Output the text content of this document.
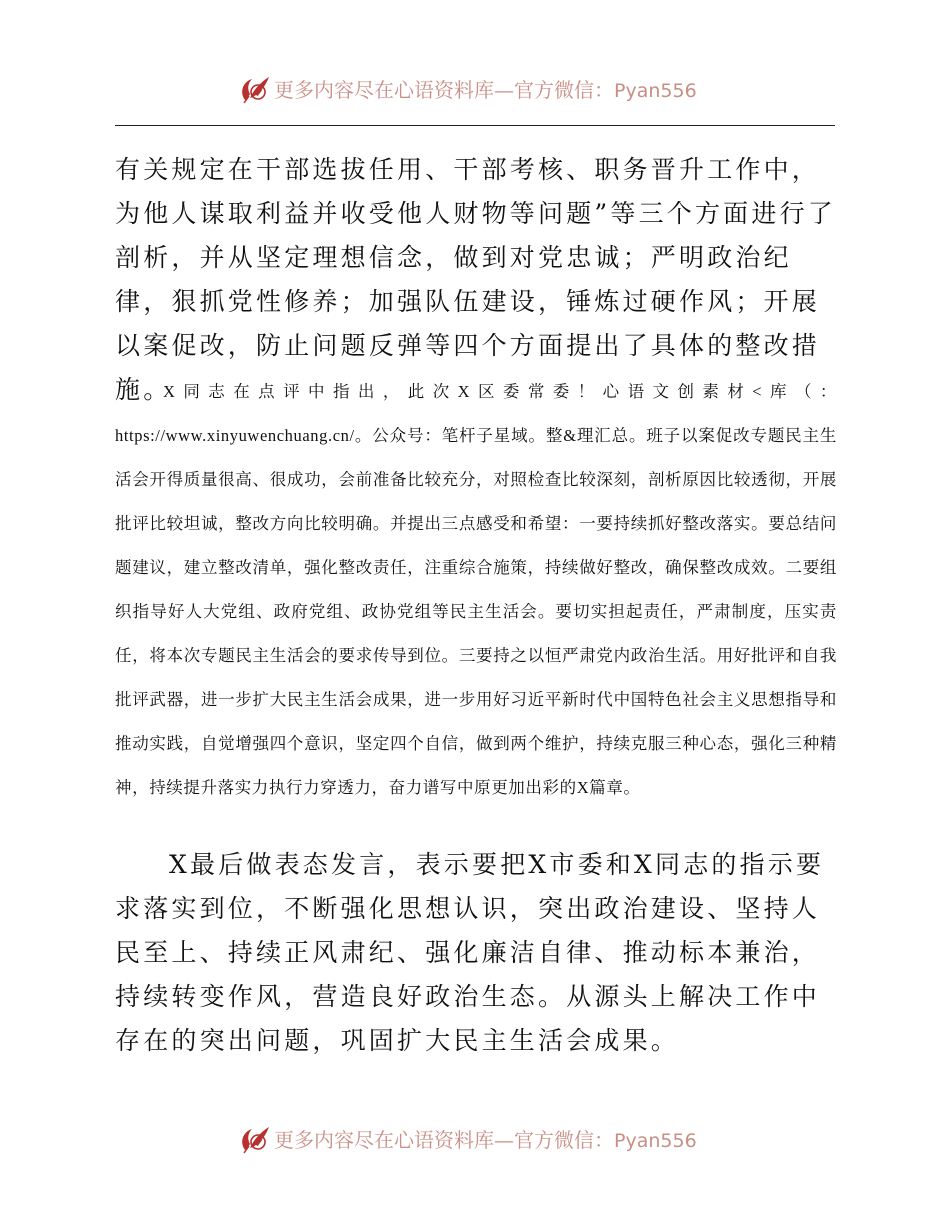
更多内容尽在心语资料库—官方微信：Pyan556

有关规定在干部选拔任用、干部考核、职务晋升工作中，为他人谋取利益并收受他人财物等问题”等三个方面进行了剖析，并从坚定理想信念，做到对党忠诚；严明政治纪律，狠抓党性修养；加强队伍建设，锤炼过硬作风；开展以案促改，防止问题反弹等四个方面提出了具体的整改措施。

X同志在点评中指出，此次X区委常委！心语文创素材<库（：https://www.xinyuwenchuang.cn/。公众号：笔杆子星域。整&理汇总。班子以案促改专题民主生活会开得质量很高、很成功，会前准备比较充分，对照检查比较深刻，剖析原因比较透彻，开展批评比较坦诚，整改方向比较明确。并提出三点感受和希望：一要持续抓好整改落实。要总结问题建议，建立整改清单，强化整改责任，注重综合施策，持续做好整改，确保整改成效。二要组织指导好人大党组、政府党组、政协党组等民主生活会。要切实担起责任，严肃制度，压实责任，将本次专题民主生活会的要求传导到位。三要持之以恒严肃党内政治生活。用好批评和自我批评武器，进一步扩大民主生活会成果，进一步用好习近平新时代中国特色社会主义思想指导和推动实践，自觉增强四个意识，坚定四个自信，做到两个维护，持续克服三种心态，强化三种精神，持续提升落实力执行力穿透力，奋力谱写中原更加出彩的X篇章。

X最后做表态发言，表示要把X市委和X同志的指示要求落实到位，不断强化思想认识，突出政治建设、坚持人民至上、持续正风肃纪、强化廉洁自律、推动标本兼治，持续转变作风，营造良好政治生态。从源头上解决工作中存在的突出问题，巩固扩大民主生活会成果。

更多内容尽在心语资料库—官方微信：Pyan556
